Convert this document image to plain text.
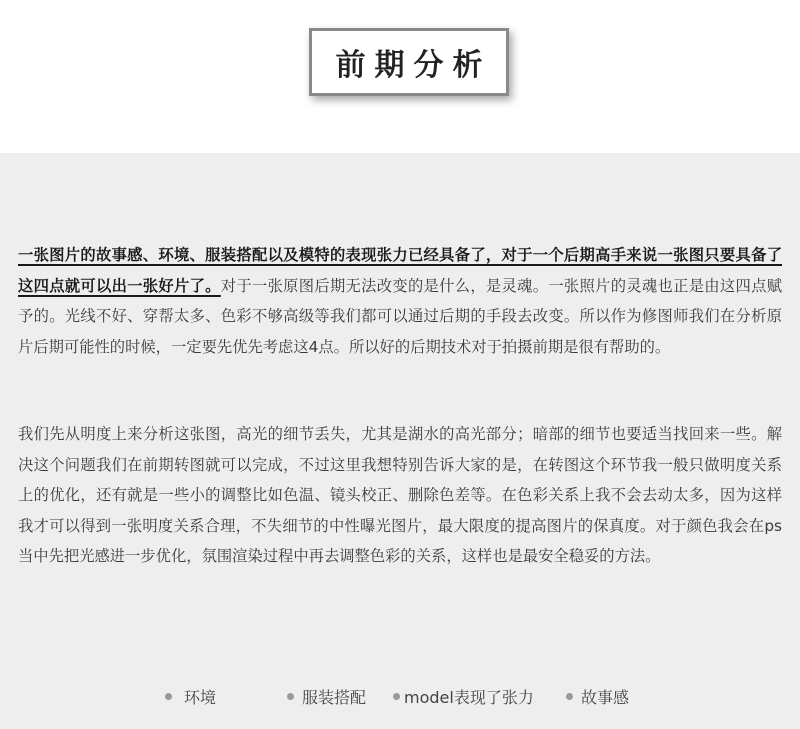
前期分析

一张图片的故事感、环境、服装搭配以及模特的表现张力已经具备了，对于一个后期高手来说一张图只要具备了这四点就可以出一张好片了。对于一张原图后期无法改变的是什么，是灵魂。一张照片的灵魂也正是由这四点赋予的。光线不好、穿帮太多、色彩不够高级等我们都可以通过后期的手段去改变。所以作为修图师我们在分析原片后期可能性的时候，一定要先优先考虑这4点。所以好的后期技术对于拍摄前期是很有帮助的。

我们先从明度上来分析这张图，高光的细节丢失，尤其是湖水的高光部分；暗部的细节也要适当找回来一些。解决这个问题我们在前期转图就可以完成，不过这里我想特别告诉大家的是，在转图这个环节我一般只做明度关系上的优化，还有就是一些小的调整比如色温、镜头校正、删除色差等。在色彩关系上我不会去动太多，因为这样我才可以得到一张明度关系合理，不失细节的中性曝光图片，最大限度的提高图片的保真度。对于颜色我会在ps当中先把光感进一步优化，氛围渲染过程中再去调整色彩的关系，这样也是最安全稳妥的方法。

环境	服装搭配 model表现了张力	故事感
